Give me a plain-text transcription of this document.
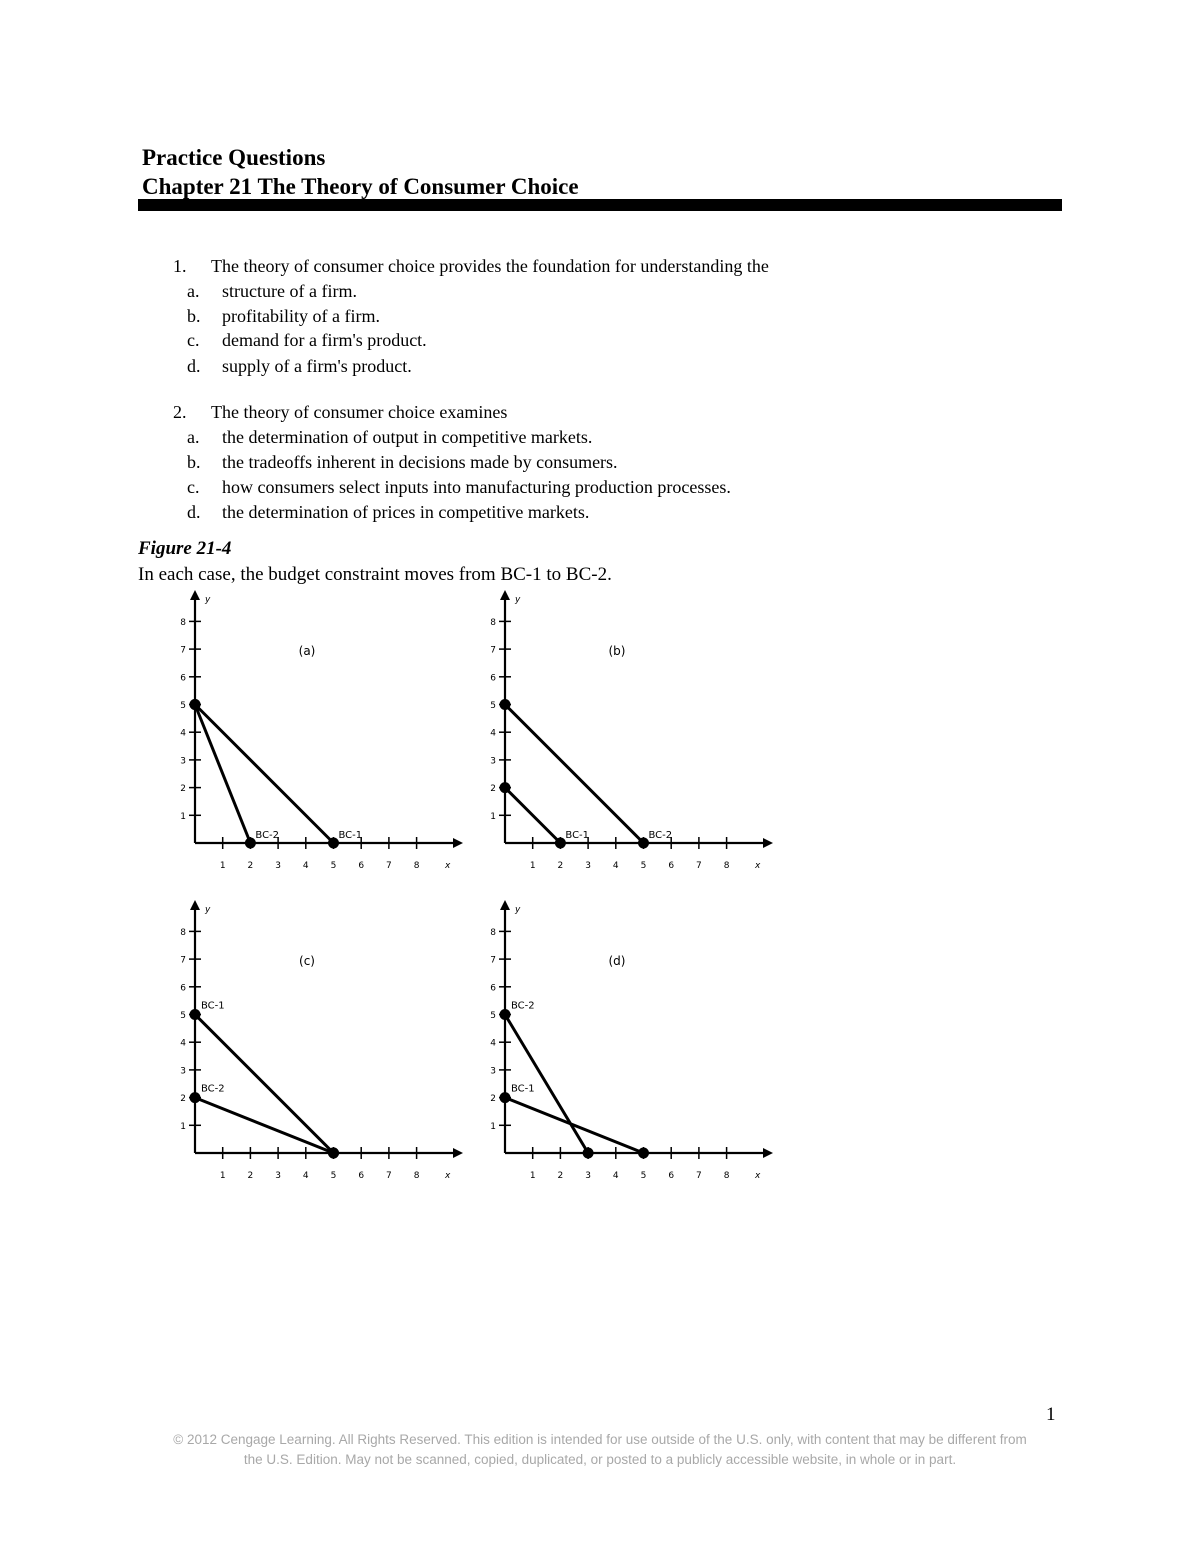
Practice Questions
Chapter 21 The Theory of Consumer Choice
1. The theory of consumer choice provides the foundation for understanding the
a. structure of a firm.
b. profitability of a firm.
c. demand for a firm's product.
d. supply of a firm's product.
2. The theory of consumer choice examines
a. the determination of output in competitive markets.
b. the tradeoffs inherent in decisions made by consumers.
c. how consumers select inputs into manufacturing production processes.
d. the determination of prices in competitive markets.
Figure 21-4
In each case, the budget constraint moves from BC-1 to BC-2.
y
x
1
2
3
4
5
6
7
8
1 2 3 4 5 6 7 8
(a)
BC-1
BC-2
y
x
1
2
3
4
5
6
7
8
1 2 3 4 5 6 7 8
(b)
BC-1	BC-2
y
x
1
2
3
4
5
6
7
8
1 2 3 4 5 6 7 8
(c)
BC-1
BC-2
y
x
1
2
3
4
5
6
7
8
1 2 3 4 5 6 7 8
(d)
BC-2
BC-1
1
© 2012 Cengage Learning. All Rights Reserved. This edition is intended for use outside of the U.S. only, with content that may be different from
the U.S. Edition. May not be scanned, copied, duplicated, or posted to a publicly accessible website, in whole or in part.
